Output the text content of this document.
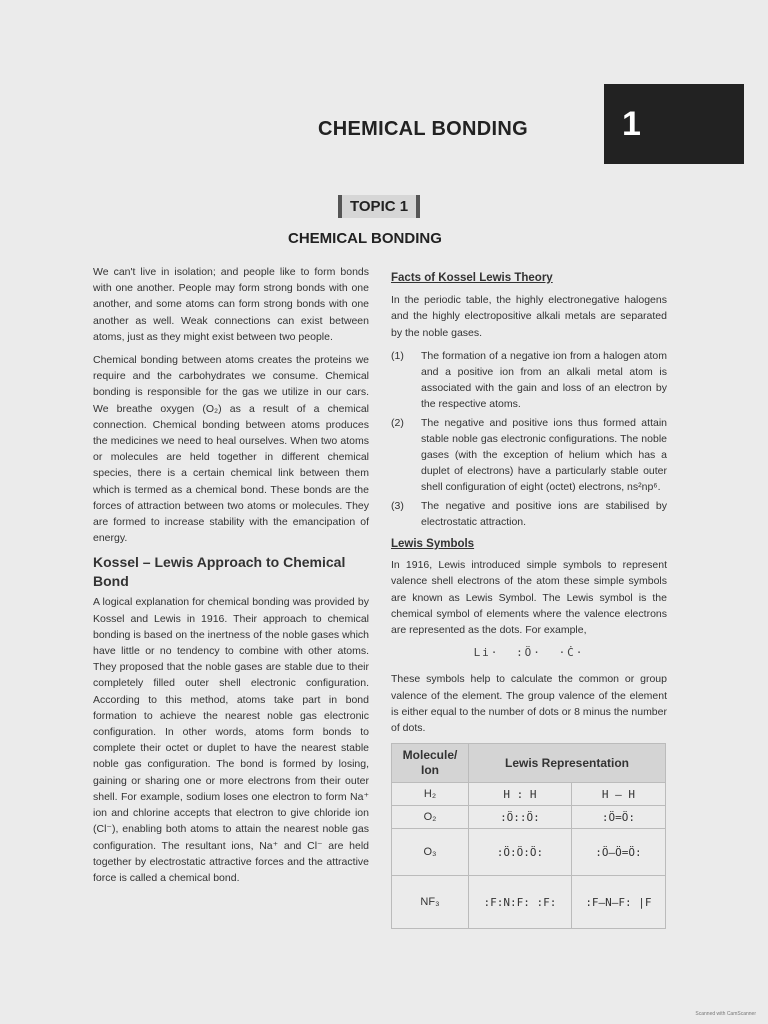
CHEMICAL BONDING	1
TOPIC 1
CHEMICAL BONDING

We can't live in isolation; and people like to form bonds with one another. People may form strong bonds with one another, and some atoms can form strong bonds with one another as well. Weak connections can exist between atoms, just as they might exist between two people.

Chemical bonding between atoms creates the proteins we require and the carbohydrates we consume. Chemical bonding is responsible for the gas we utilize in our cars. We breathe oxygen (O₂) as a result of a chemical connection. Chemical bonding between atoms produces the medicines we need to heal ourselves. When two atoms or molecules are held together in different chemical species, there is a certain chemical link between them which is termed as a chemical bond. These bonds are the forces of attraction between two atoms or molecules. They are formed to increase stability with the emancipation of energy.

Kossel – Lewis Approach to Chemical Bond

A logical explanation for chemical bonding was provided by Kossel and Lewis in 1916. Their approach to chemical bonding is based on the inertness of the noble gases which have little or no tendency to combine with other atoms. They proposed that the noble gases are stable due to their completely filled outer shell electronic configuration. According to this method, atoms take part in bond formation to achieve the nearest noble gas electronic configuration. In other words, atoms form bonds to complete their octet or duplet to have the nearest stable noble gas configuration. The bond is formed by losing, gaining or sharing one or more electrons from their outer shell. For example, sodium loses one electron to form Na⁺ ion and chlorine accepts that electron to give chloride ion (Cl⁻), enabling both atoms to attain the nearest noble gas configuration. The resultant ions, Na⁺ and Cl⁻ are held together by electrostatic attractive forces and the attractive force is called a chemical bond.

Facts of Kossel Lewis Theory

In the periodic table, the highly electronegative halogens and the highly electropositive alkali metals are separated by the noble gases.

(1)	The formation of a negative ion from a halogen atom and a positive ion from an alkali metal atom is associated with the gain and loss of an electron by the respective atoms.
(2)	The negative and positive ions thus formed attain stable noble gas electronic configurations. The noble gases (with the exception of helium which has a duplet of electrons) have a particularly stable outer shell configuration of eight (octet) electrons, ns²np⁶.
(3)	The negative and positive ions are stabilised by electrostatic attraction.
Lewis Symbols

In 1916, Lewis introduced simple symbols to represent valence shell electrons of the atom these simple symbols are known as Lewis Symbol. The Lewis symbol is the chemical symbol of elements where the valence electrons are represented as the dots. For example,

Li· :Ö· ·Ċ·

These symbols help to calculate the common or group valence of the element. The group valence of the element is either equal to the number of dots or 8 minus the number of dots.

Molecule/ Ion	Lewis Representation	
H₂	H : H	H – H
O₂	:Ö::Ö:	:Ö=Ö:
O₃	:Ö:Ö:Ö:	:Ö–Ö=Ö:
NF₃	:F:N:F: :F:	:F–N–F: |F
Scanned with CamScanner
